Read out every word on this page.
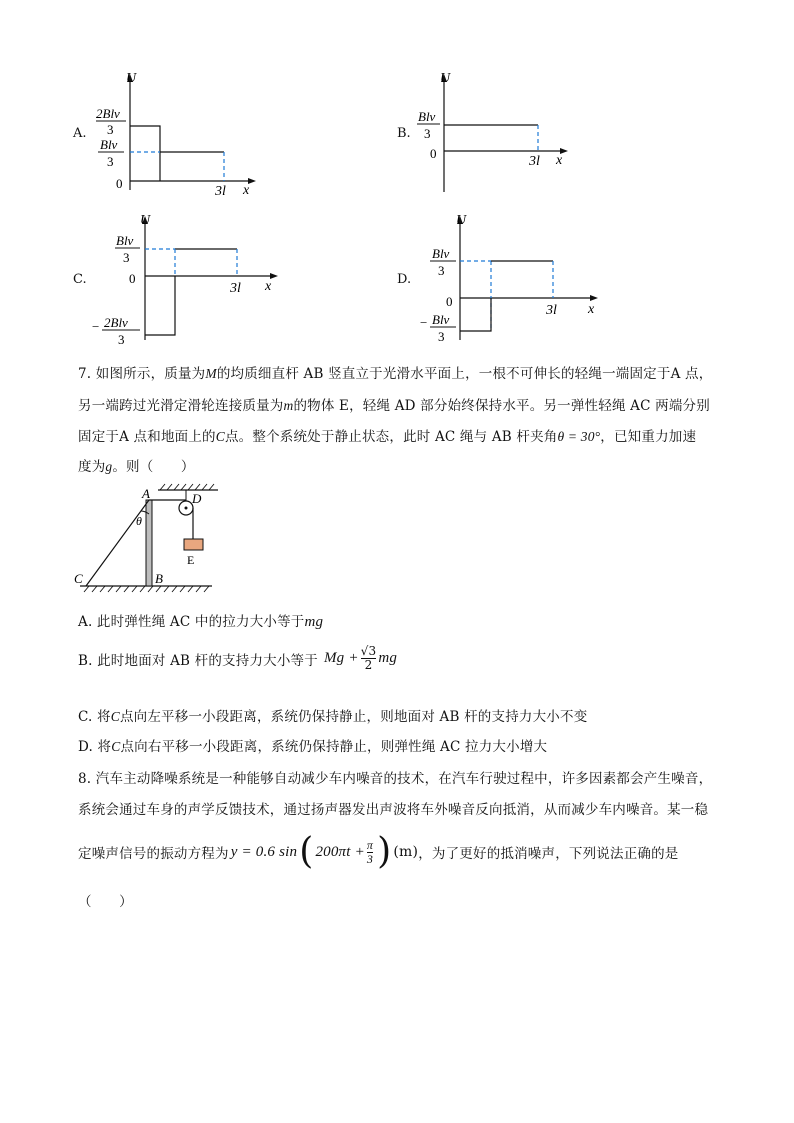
A.
U
x
2Blv
3
Blv
3
0
3l
B.
U
x
Blv
3
0
3l
C.
U
x
Blv
3
0
3l
− 2Blv
3
D.
U
x
Blv
3
0
3l
− Blv
3
7. 如图所示，质量为M的均质细直杆 AB 竖直立于光滑水平面上，一根不可伸长的轻绳一端固定于A 点，
另一端跨过光滑定滑轮连接质量为m的物体 E，轻绳 AD 部分始终保持水平。另一弹性轻绳 AC 两端分别
固定于A 点和地面上的C点。整个系统处于静止状态，此时 AC 绳与 AB 杆夹角θ = 30°，已知重力加速
度为g。则（　　）
A
B
C
D
E
θ
A. 此时弹性绳 AC 中的拉力大小等于mg
B. 此时地面对 AB 杆的支持力大小等于 $Mg + \frac{√3}{2}$ mg
C. 将C点向左平移一小段距离，系统仍保持静止，则地面对 AB 杆的支持力大小不变
D. 将C点向右平移一小段距离，系统仍保持静止，则弹性绳 AC 拉力大小增大
8. 汽车主动降噪系统是一种能够自动减少车内噪音的技术，在汽车行驶过程中，许多因素都会产生噪音，
系统会通过车身的声学反馈技术，通过扬声器发出声波将车外噪音反向抵消，从而减少车内噪音。某一稳
定噪声信号的振动方程为 y = 0.6 sin ( $200\pi t + \frac{\pi}{3}$ ) (m) ，为了更好的抵消噪声，下列说法正确的是
（　　）
